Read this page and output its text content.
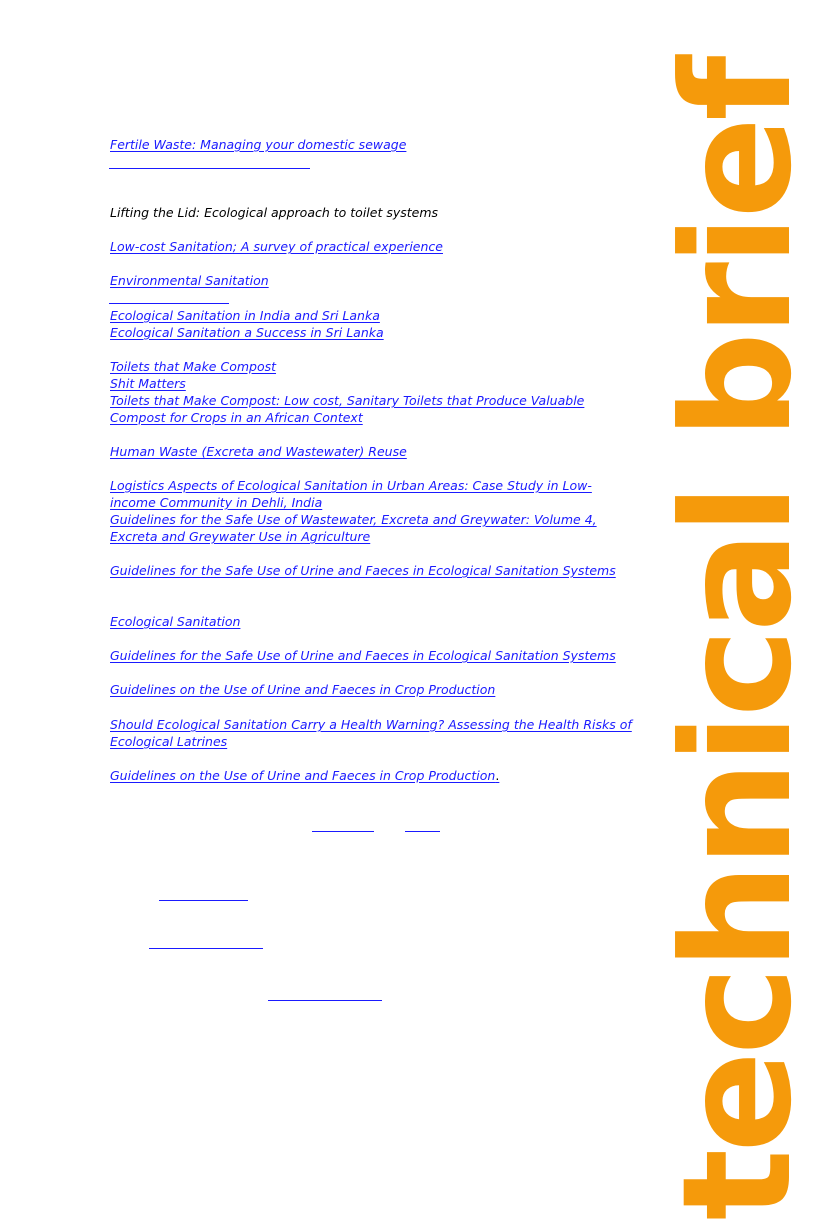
technical brief
Fertile Waste: Managing your domestic sewage
Lifting the Lid: Ecological approach to toilet systems
Low-cost Sanitation; A survey of practical experience
Environmental Sanitation
Ecological Sanitation in India and Sri Lanka
Ecological Sanitation a Success in Sri Lanka
Toilets that Make Compost
Shit Matters
Toilets that Make Compost: Low cost, Sanitary Toilets that Produce Valuable Compost for Crops in an African Context
Human Waste (Excreta and Wastewater) Reuse
Logistics Aspects of Ecological Sanitation in Urban Areas: Case Study in Low-income Community in Dehli, India
Guidelines for the Safe Use of Wastewater, Excreta and Greywater: Volume 4, Excreta and Greywater Use in Agriculture
Guidelines for the Safe Use of Urine and Faeces in Ecological Sanitation Systems
Ecological Sanitation
Guidelines for the Safe Use of Urine and Faeces in Ecological Sanitation Systems
Guidelines on the Use of Urine and Faeces in Crop Production
Should Ecological Sanitation Carry a Health Warning? Assessing the Health Risks of Ecological Latrines
Guidelines on the Use of Urine and Faeces in Crop Production.
